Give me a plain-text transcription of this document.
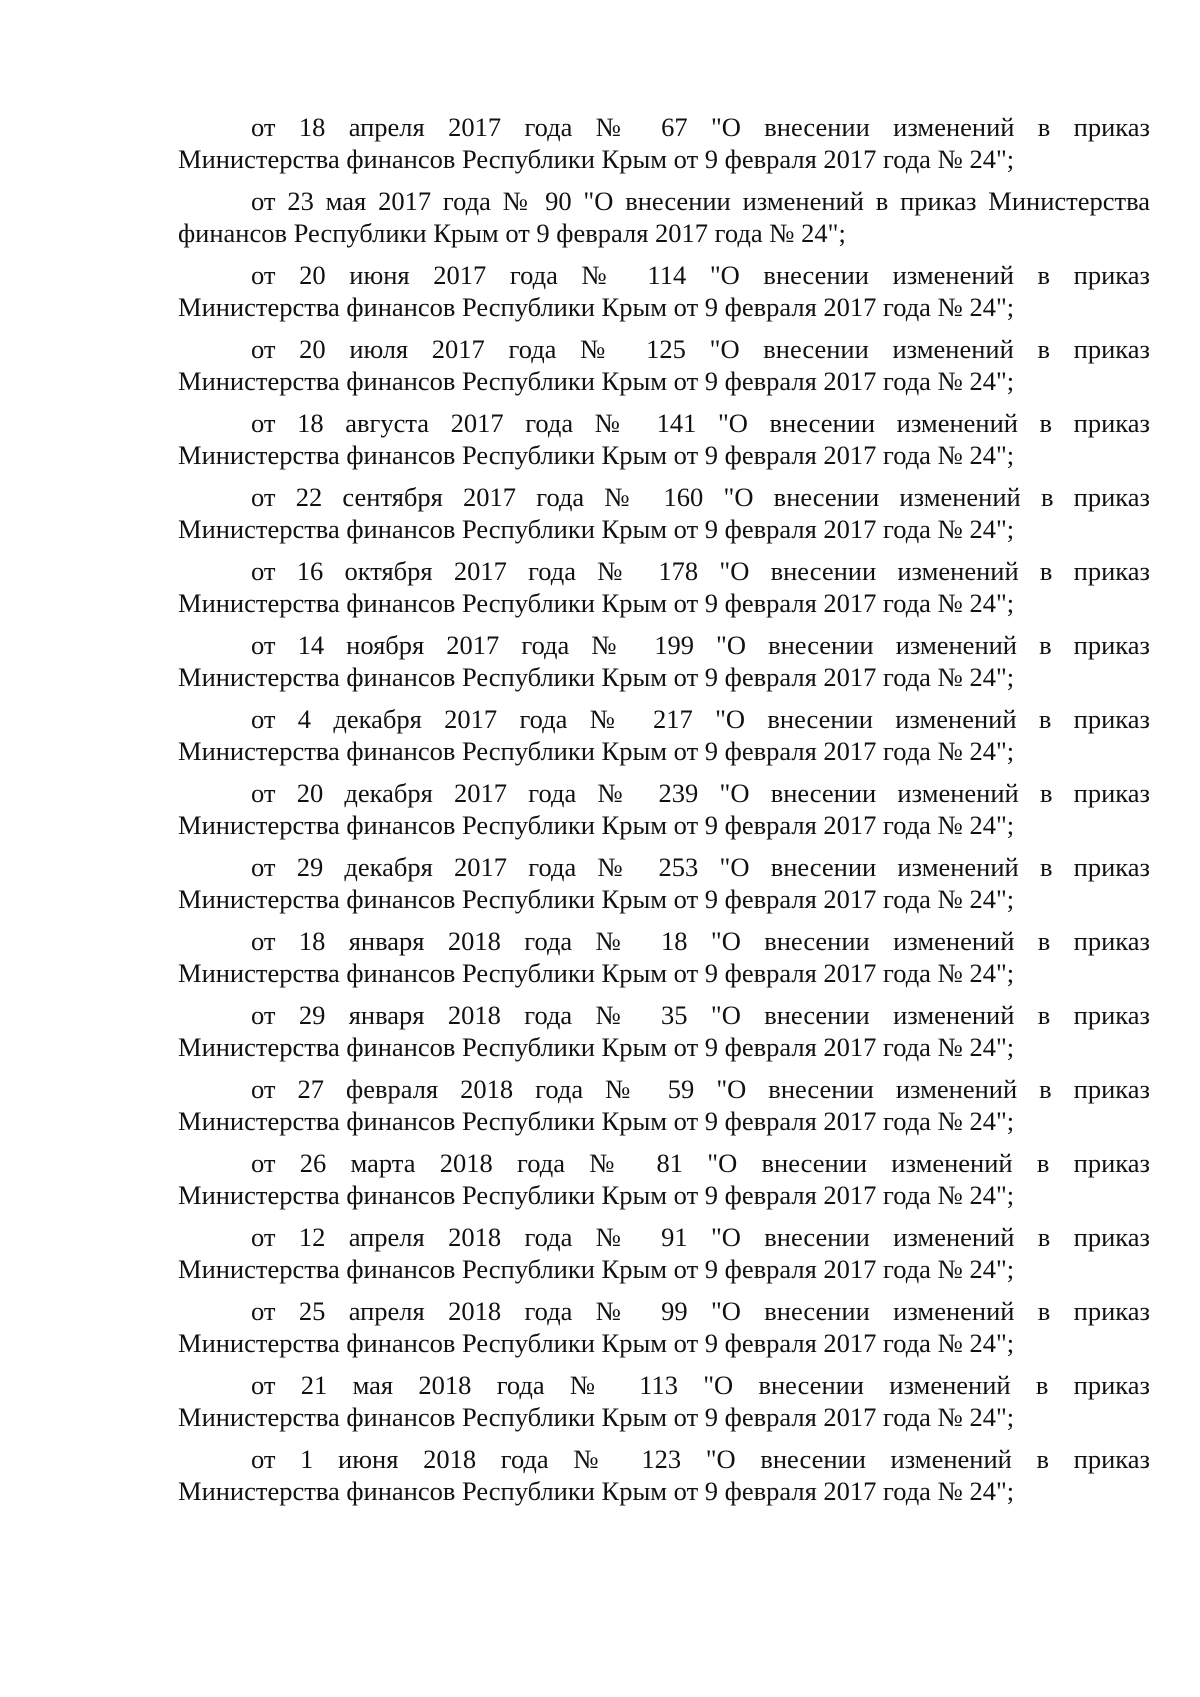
от 18 апреля 2017 года № 67 "О внесении изменений в приказ
Министерства финансов Республики Крым от 9 февраля 2017 года № 24";

от 23 мая 2017 года № 90 "О внесении изменений в приказ Министерства
финансов Республики Крым от 9 февраля 2017 года № 24";

от 20 июня 2017 года № 114 "О внесении изменений в приказ
Министерства финансов Республики Крым от 9 февраля 2017 года № 24";

от 20 июля 2017 года № 125 "О внесении изменений в приказ
Министерства финансов Республики Крым от 9 февраля 2017 года № 24";

от 18 августа 2017 года № 141 "О внесении изменений в приказ
Министерства финансов Республики Крым от 9 февраля 2017 года № 24";

от 22 сентября 2017 года № 160 "О внесении изменений в приказ
Министерства финансов Республики Крым от 9 февраля 2017 года № 24";

от 16 октября 2017 года № 178 "О внесении изменений в приказ
Министерства финансов Республики Крым от 9 февраля 2017 года № 24";

от 14 ноября 2017 года № 199 "О внесении изменений в приказ
Министерства финансов Республики Крым от 9 февраля 2017 года № 24";

от 4 декабря 2017 года № 217 "О внесении изменений в приказ
Министерства финансов Республики Крым от 9 февраля 2017 года № 24";

от 20 декабря 2017 года № 239 "О внесении изменений в приказ
Министерства финансов Республики Крым от 9 февраля 2017 года № 24";

от 29 декабря 2017 года № 253 "О внесении изменений в приказ
Министерства финансов Республики Крым от 9 февраля 2017 года № 24";

от 18 января 2018 года № 18 "О внесении изменений в приказ
Министерства финансов Республики Крым от 9 февраля 2017 года № 24";

от 29 января 2018 года № 35 "О внесении изменений в приказ
Министерства финансов Республики Крым от 9 февраля 2017 года № 24";

от 27 февраля 2018 года № 59 "О внесении изменений в приказ
Министерства финансов Республики Крым от 9 февраля 2017 года № 24";

от 26 марта 2018 года № 81 "О внесении изменений в приказ
Министерства финансов Республики Крым от 9 февраля 2017 года № 24";

от 12 апреля 2018 года № 91 "О внесении изменений в приказ
Министерства финансов Республики Крым от 9 февраля 2017 года № 24";

от 25 апреля 2018 года № 99 "О внесении изменений в приказ
Министерства финансов Республики Крым от 9 февраля 2017 года № 24";

от 21 мая 2018 года № 113 "О внесении изменений в приказ
Министерства финансов Республики Крым от 9 февраля 2017 года № 24";

от 1 июня 2018 года № 123 "О внесении изменений в приказ
Министерства финансов Республики Крым от 9 февраля 2017 года № 24";
